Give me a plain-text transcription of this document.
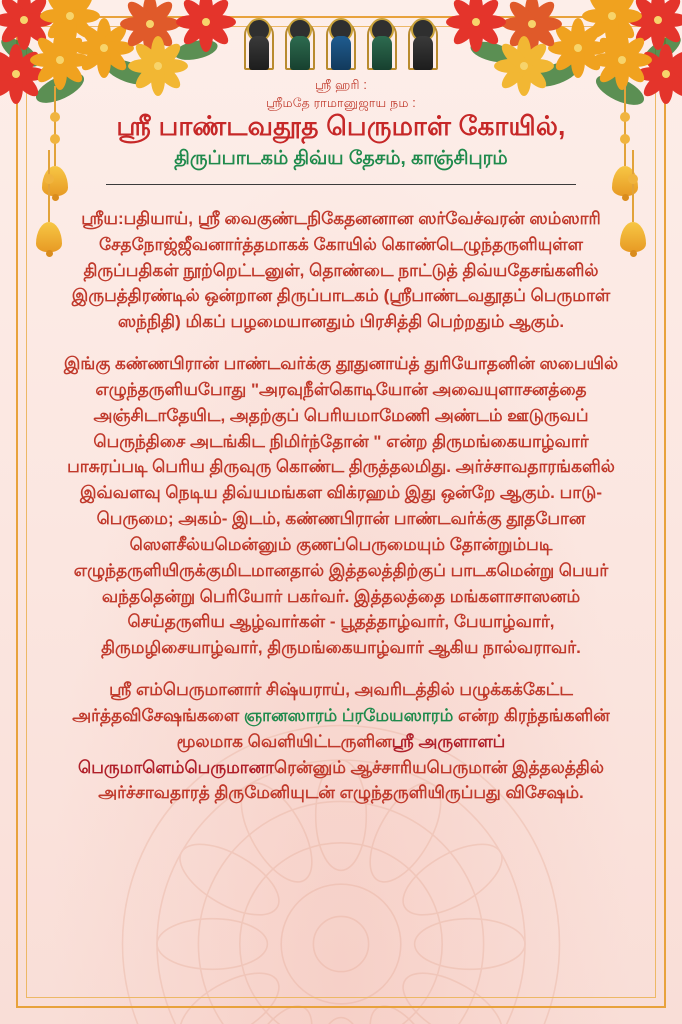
ஸ்ரீ ஹரி :
ஸ்ரீமதே ராமானுஜாய நம :
ஸ்ரீ பாண்டவதூத பெருமாள் கோயில்,
திருப்பாடகம் திவ்ய தேசம், காஞ்சிபுரம்
ஸ்ரீய:பதியாய், ஸ்ரீ வைகுண்டநிகேதனனான ஸர்வேச்வரன் ஸம்ஸாரி சேதநோஜ்ஜீவனார்த்தமாகக் கோயில் கொண்டெழுந்தருளியுள்ள திருப்பதிகள் நூற்றெட்டனுள், தொண்டை நாட்டுத் திவ்யதேசங்களில் இருபத்திரண்டில் ஒன்றான திருப்பாடகம் (ஸ்ரீபாண்டவதூதப் பெருமாள் ஸந்நிதி) மிகப் பழமையானதும் பிரசித்தி பெற்றதும் ஆகும்.
இங்கு கண்ணபிரான் பாண்டவர்க்கு தூதுனாய்த் துரியோதனின் ஸபையில் எழுந்தருளியபோது "அரவுநீள்கொடியோன் அவையுளாசனத்தை அஞ்சிடாதேயிட, அதற்குப் பெரியமாமேணி அண்டம் ஊடுருவப் பெருந்திசை அடங்கிட நிமிர்ந்தோன் " என்ற திருமங்கையாழ்வார் பாசுரப்படி பெரிய திருவுரு கொண்ட திருத்தலமிது. அர்ச்சாவதாரங்களில் இவ்வளவு நெடிய திவ்யமங்கள விக்ரஹம் இது ஒன்றே ஆகும். பாடு-பெருமை; அகம்- இடம், கண்ணபிரான் பாண்டவர்க்கு தூதபோன ஸௌசீல்யமென்னும் குணப்பெருமையும் தோன்றும்படி எழுந்தருளியிருக்குமிடமானதால் இத்தலத்திற்குப் பாடகமென்று பெயர் வந்ததென்று பெரியோர் பகர்வர். இத்தலத்தை மங்களாசாஸனம் செய்தருளிய ஆழ்வார்கள் - பூதத்தாழ்வார், பேயாழ்வார், திருமழிசையாழ்வார், திருமங்கையாழ்வார் ஆகிய நால்வராவர்.
ஸ்ரீ எம்பெருமானார் சிஷ்யராய், அவரிடத்தில் பழுக்கக்கேட்ட அர்த்தவிசேஷங்களை ஞானஸாரம் ப்ரமேயஸாரம் என்ற கிரந்தங்களின் மூலமாக வெளியிட்டருளினஸ்ரீ அருளாளப் பெருமாளெம்பெருமானாரென்னும் ஆச்சாரியபெருமான் இத்தலத்தில் அர்ச்சாவதாரத் திருமேனியுடன் எழுந்தருளியிருப்பது விசேஷம்.
